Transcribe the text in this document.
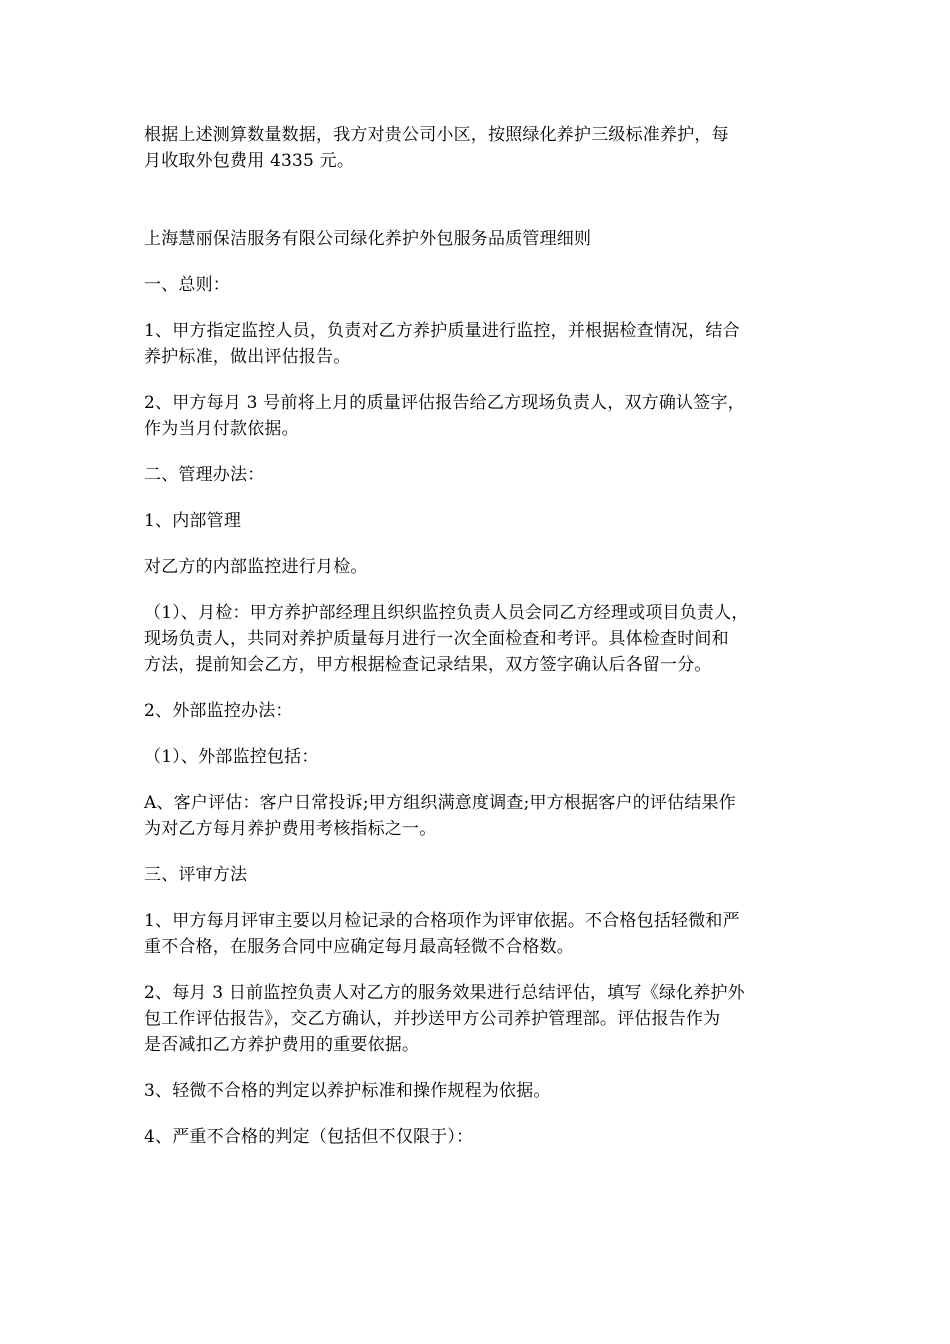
根据上述测算数量数据，我方对贵公司小区，按照绿化养护三级标准养护，每
月收取外包费用 4335 元。

上海慧丽保洁服务有限公司绿化养护外包服务品质管理细则

一、总则：

1、甲方指定监控人员，负责对乙方养护质量进行监控，并根据检查情况，结合
养护标准，做出评估报告。

2、甲方每月 3 号前将上月的质量评估报告给乙方现场负责人，双方确认签字，
作为当月付款依据。

二、管理办法：

1、内部管理

对乙方的内部监控进行月检。

（1）、月检：甲方养护部经理且织织监控负责人员会同乙方经理或项目负责人，
现场负责人，共同对养护质量每月进行一次全面检查和考评。具体检查时间和
方法，提前知会乙方，甲方根据检查记录结果，双方签字确认后各留一分。

2、外部监控办法：

（1）、外部监控包括：

A、客户评估：客户日常投诉;甲方组织满意度调查;甲方根据客户的评估结果作
为对乙方每月养护费用考核指标之一。

三、评审方法

1、甲方每月评审主要以月检记录的合格项作为评审依据。不合格包括轻微和严
重不合格，在服务合同中应确定每月最高轻微不合格数。

2、每月 3 日前监控负责人对乙方的服务效果进行总结评估，填写《绿化养护外
包工作评估报告》，交乙方确认，并抄送甲方公司养护管理部。评估报告作为
是否减扣乙方养护费用的重要依据。

3、轻微不合格的判定以养护标准和操作规程为依据。

4、严重不合格的判定（包括但不仅限于）：
